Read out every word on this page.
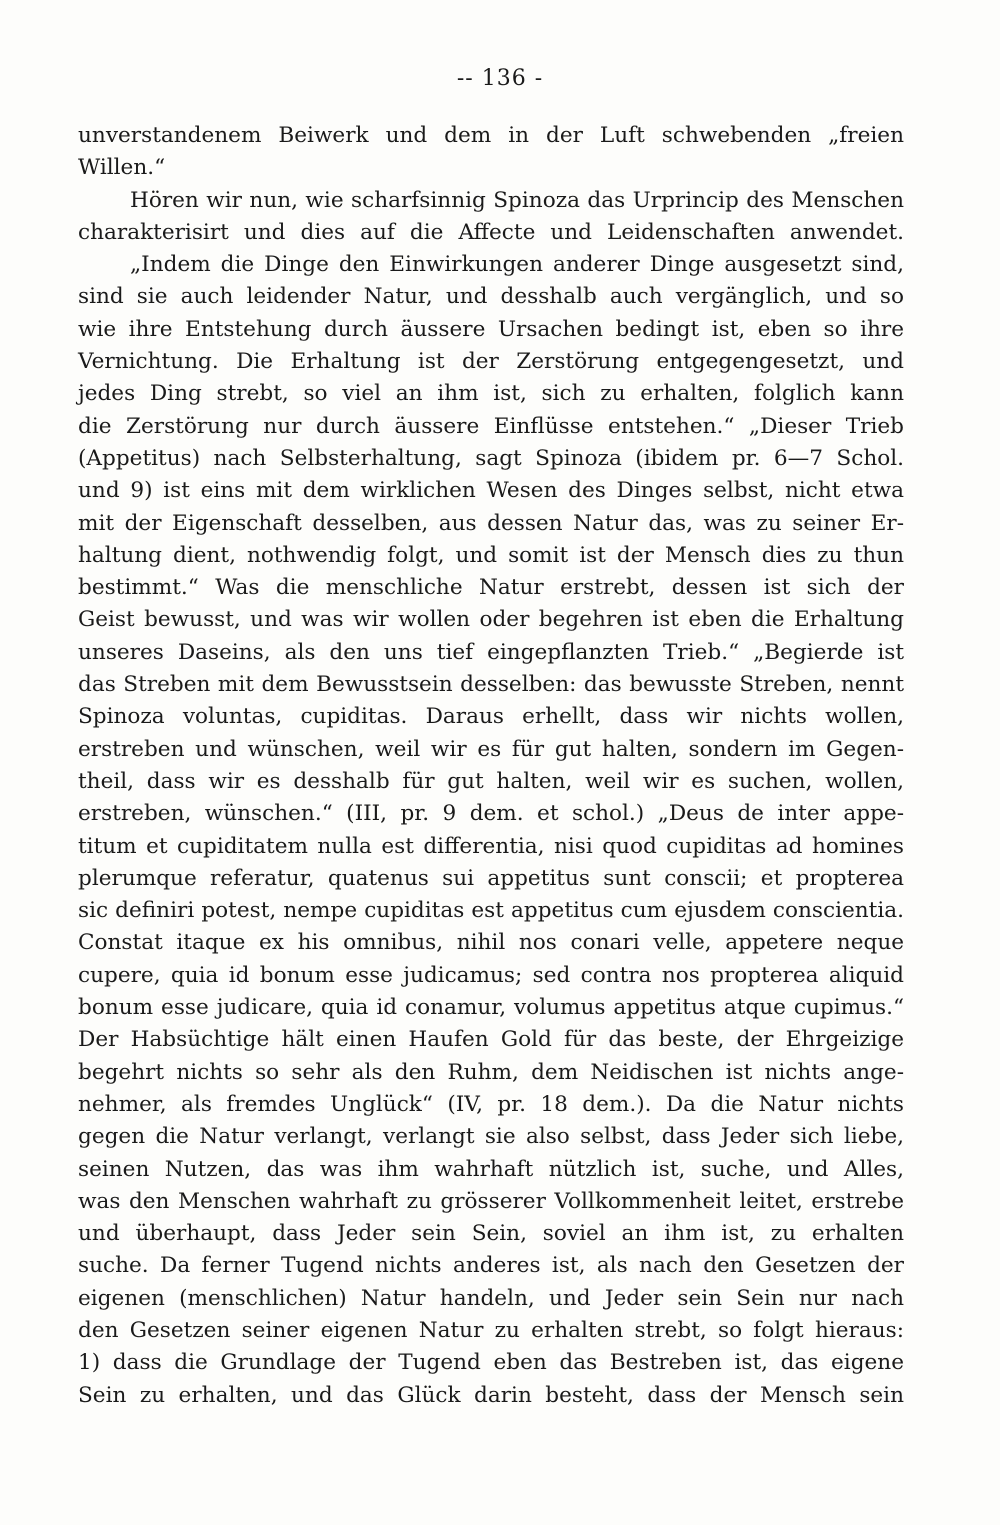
-- 136 -
unverstandenem Beiwerk und dem in der Luft schwebenden „freien
Willen.“
Hören wir nun, wie scharfsinnig Spinoza das Urprincip des Menschen
charakterisirt und dies auf die Affecte und Leidenschaften anwendet.
„Indem die Dinge den Einwirkungen anderer Dinge ausgesetzt sind,
sind sie auch leidender Natur, und desshalb auch vergänglich, und so
wie ihre Entstehung durch äussere Ursachen bedingt ist, eben so ihre
Vernichtung. Die Erhaltung ist der Zerstörung entgegengesetzt, und
jedes Ding strebt, so viel an ihm ist, sich zu erhalten, folglich kann
die Zerstörung nur durch äussere Einflüsse entstehen.“ „Dieser Trieb
(Appetitus) nach Selbsterhaltung, sagt Spinoza (ibidem pr. 6—7 Schol.
und 9) ist eins mit dem wirklichen Wesen des Dinges selbst, nicht etwa
mit der Eigenschaft desselben, aus dessen Natur das, was zu seiner Er-
haltung dient, nothwendig folgt, und somit ist der Mensch dies zu thun
bestimmt.“ Was die menschliche Natur erstrebt, dessen ist sich der
Geist bewusst, und was wir wollen oder begehren ist eben die Erhaltung
unseres Daseins, als den uns tief eingepflanzten Trieb.“ „Begierde ist
das Streben mit dem Bewusstsein desselben: das bewusste Streben, nennt
Spinoza voluntas, cupiditas. Daraus erhellt, dass wir nichts wollen,
erstreben und wünschen, weil wir es für gut halten, sondern im Gegen-
theil, dass wir es desshalb für gut halten, weil wir es suchen, wollen,
erstreben, wünschen.“ (III, pr. 9 dem. et schol.) „Deus de inter appe-
titum et cupiditatem nulla est differentia, nisi quod cupiditas ad homines
plerumque referatur, quatenus sui appetitus sunt conscii; et propterea
sic definiri potest, nempe cupiditas est appetitus cum ejusdem conscientia.
Constat itaque ex his omnibus, nihil nos conari velle, appetere neque
cupere, quia id bonum esse judicamus; sed contra nos propterea aliquid
bonum esse judicare, quia id conamur, volumus appetitus atque cupimus.“
Der Habsüchtige hält einen Haufen Gold für das beste, der Ehrgeizige
begehrt nichts so sehr als den Ruhm, dem Neidischen ist nichts ange-
nehmer, als fremdes Unglück“ (IV, pr. 18 dem.). Da die Natur nichts
gegen die Natur verlangt, verlangt sie also selbst, dass Jeder sich liebe,
seinen Nutzen, das was ihm wahrhaft nützlich ist, suche, und Alles,
was den Menschen wahrhaft zu grösserer Vollkommenheit leitet, erstrebe
und überhaupt, dass Jeder sein Sein, soviel an ihm ist, zu erhalten
suche. Da ferner Tugend nichts anderes ist, als nach den Gesetzen der
eigenen (menschlichen) Natur handeln, und Jeder sein Sein nur nach
den Gesetzen seiner eigenen Natur zu erhalten strebt, so folgt hieraus:
1) dass die Grundlage der Tugend eben das Bestreben ist, das eigene
Sein zu erhalten, und das Glück darin besteht, dass der Mensch sein
